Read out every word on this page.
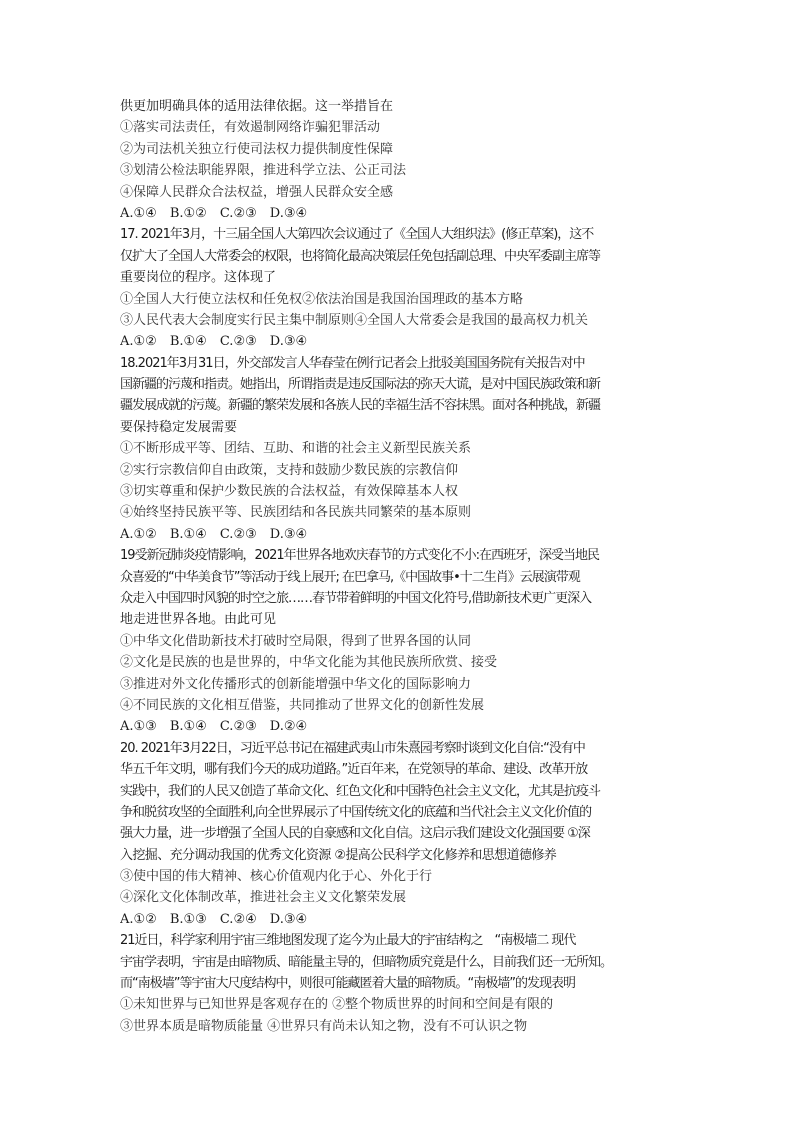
供更加明确具体的适用法律依据。这一举措旨在
①落实司法责任，有效遏制网络诈骗犯罪活动
②为司法机关独立行使司法权力提供制度性保障
③划清公检法职能界限，推进科学立法、公正司法
④保障人民群众合法权益，增强人民群众安全感
A.①④　B.①②　C.②③　D.③④
17. 2021年3月，十三届全国人大第四次会议通过了《全国人大组织法》(修正草案)，这不
仅扩大了全国人大常委会的权限，也将简化最高决策层任免包括副总理、中央军委副主席等
重要岗位的程序。这体现了
①全国人大行使立法权和任免权②依法治国是我国治国理政的基本方略
③人民代表大会制度实行民主集中制原则④全国人大常委会是我国的最高权力机关
A.①②　B.①④　C.②③　D.③④
18.2021年3月31日，外交部发言人华春莹在例行记者会上批驳美国国务院有关报告对中
国新疆的污蔑和指责。她指出，所谓指责是违反国际法的弥天大谎，是对中国民族政策和新
疆发展成就的污蔑。新疆的繁荣发展和各族人民的幸福生活不容抹黑。面对各种挑战，新疆
要保持稳定发展需要
①不断形成平等、团结、互助、和谐的社会主义新型民族关系
②实行宗教信仰自由政策，支持和鼓励少数民族的宗教信仰
③切实尊重和保护少数民族的合法权益，有效保障基本人权
④始终坚持民族平等、民族团结和各民族共同繁荣的基本原则
A.①②　B.①④　C.②③　D.③④
19受新冠肺炎疫情影响，2021年世界各地欢庆春节的方式变化不小:在西班牙，深受当地民
众喜爱的“中华美食节”等活动于线上展开; 在巴拿马,《中国故事•十二生肖》云展演带观
众走入中国四时风貌的时空之旅……春节带着鲜明的中国文化符号,借助新技术更广更深入
地走进世界各地。由此可见
①中华文化借助新技术打破时空局限，得到了世界各国的认同
②文化是民族的也是世界的，中华文化能为其他民族所欣赏、接受
③推进对外文化传播形式的创新能增强中华文化的国际影响力
④不同民族的文化相互借鉴，共同推动了世界文化的创新性发展
A.①③　B.①④　C.②③　D.②④
20. 2021年3月22日，习近平总书记在福建武夷山市朱熹园考察时谈到文化自信:“没有中
华五千年文明，哪有我们今天的成功道路。”近百年来，在党领导的革命、建设、改革开放
实践中，我们的人民又创造了革命文化、红色文化和中国特色社会主义文化，尤其是抗疫斗
争和脱贫攻坚的全面胜利,向全世界展示了中国传统文化的底蕴和当代社会主义文化价值的
强大力量，进一步增强了全国人民的自豪感和文化自信。这启示我们建设文化强国要 ①深
入挖掘、充分调动我国的优秀文化资源 ②提高公民科学文化修养和思想道德修养
③使中国的伟大精神、核心价值观内化于心、外化于行
④深化文化体制改革，推进社会主义文化繁荣发展
A.①②　B.①③　C.②④　D.③④
21近日，科学家利用宇宙三维地图发现了迄今为止最大的宇宙结构之　“南极墙二 现代
宇宙学表明，宇宙是由暗物质、暗能量主导的，但暗物质究竟是什么，目前我们还一无所知。
而“南极墙”等宇宙大尺度结构中，则很可能藏匿着大量的暗物质。“南极墙”的发现表明
①未知世界与已知世界是客观存在的 ②整个物质世界的时间和空间是有限的
③世界本质是暗物质能量 ④世界只有尚未认知之物，没有不可认识之物
